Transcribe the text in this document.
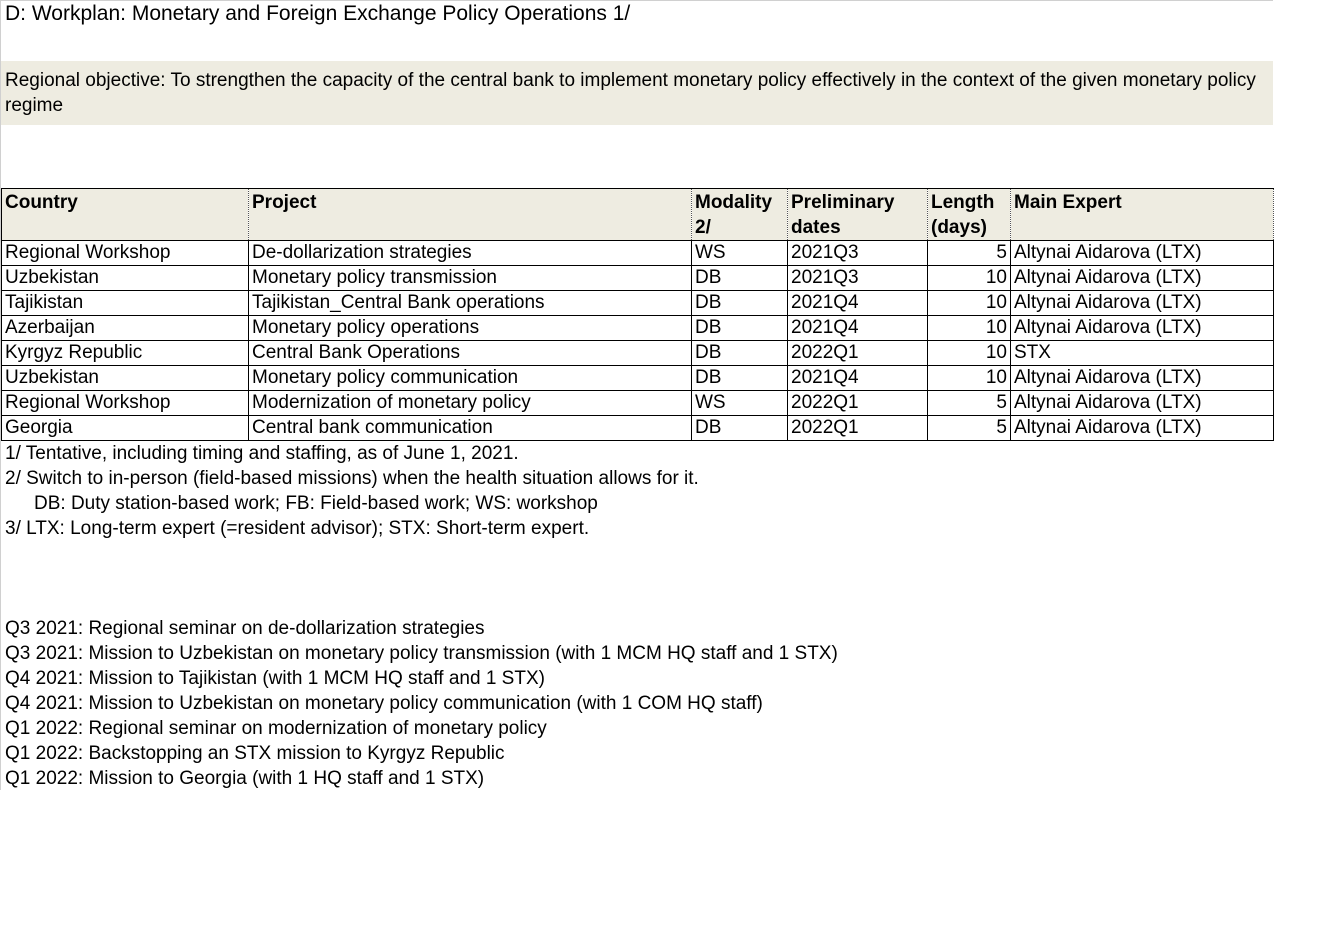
D: Workplan: Monetary and Foreign Exchange Policy Operations 1/
Regional objective: To strengthen the capacity of the central bank to implement monetary policy effectively in the context of the given monetary policy regime
Country	Project	Modality 2/	Preliminary dates	Length (days)	Main Expert
Regional Workshop	De-dollarization strategies	WS	2021Q3	5	Altynai Aidarova (LTX)
Uzbekistan	Monetary policy transmission	DB	2021Q3	10	Altynai Aidarova (LTX)
Tajikistan	Tajikistan_Central Bank operations	DB	2021Q4	10	Altynai Aidarova (LTX)
Azerbaijan	Monetary policy operations	DB	2021Q4	10	Altynai Aidarova (LTX)
Kyrgyz Republic	Central Bank Operations	DB	2022Q1	10	STX
Uzbekistan	Monetary policy communication	DB	2021Q4	10	Altynai Aidarova (LTX)
Regional Workshop	Modernization of monetary policy	WS	2022Q1	5	Altynai Aidarova (LTX)
Georgia	Central bank communication	DB	2022Q1	5	Altynai Aidarova (LTX)
1/ Tentative, including timing and staffing, as of June 1, 2021.
2/ Switch to in-person (field-based missions) when the health situation allows for it.
DB: Duty station-based work; FB: Field-based work; WS: workshop
3/ LTX: Long-term expert (=resident advisor); STX: Short-term expert.
Q3 2021: Regional seminar on de-dollarization strategies
Q3 2021: Mission to Uzbekistan on monetary policy transmission (with 1 MCM HQ staff and 1 STX)
Q4 2021: Mission to Tajikistan (with 1 MCM HQ staff and 1 STX)
Q4 2021: Mission to Uzbekistan on monetary policy communication (with 1 COM HQ staff)
Q1 2022: Regional seminar on modernization of monetary policy
Q1 2022: Backstopping an STX mission to Kyrgyz Republic
Q1 2022: Mission to Georgia (with 1 HQ staff and 1 STX)
